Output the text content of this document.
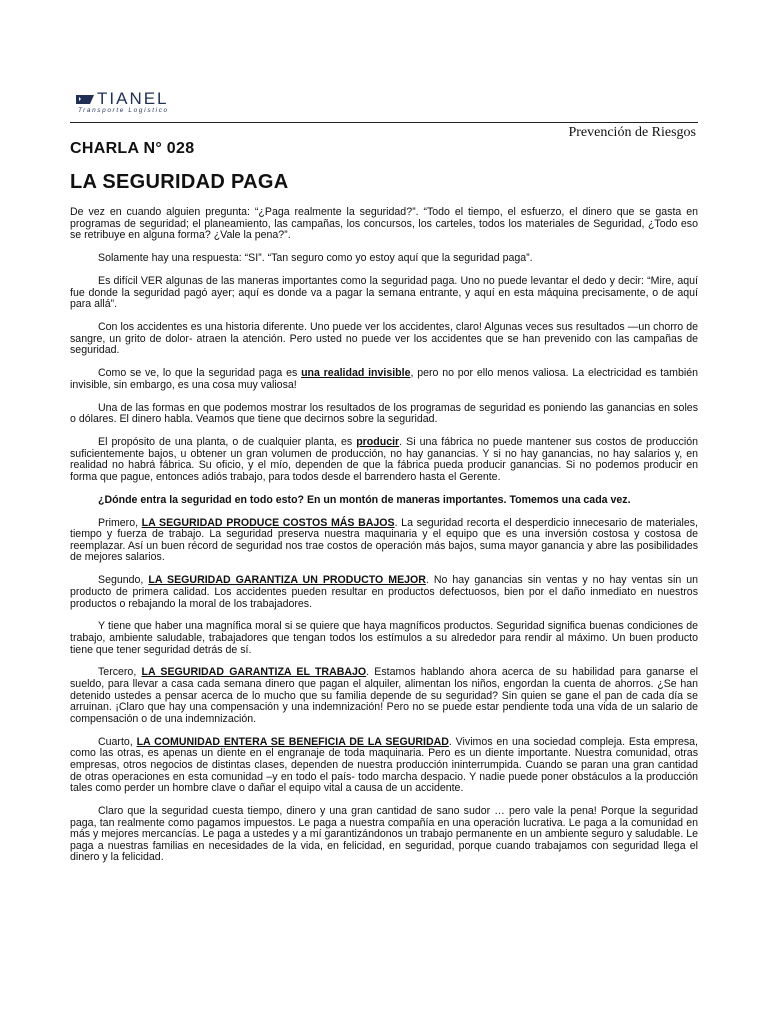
TIANEL
Transporte Logístico
Prevención de Riesgos
CHARLA N° 028
LA SEGURIDAD PAGA

De vez en cuando alguien pregunta: “¿Paga realmente la seguridad?”. “Todo el tiempo, el esfuerzo, el dinero que se gasta en programas de seguridad; el planeamiento, las campañas, los concursos, los carteles, todos los materiales de Seguridad, ¿Todo eso se retribuye en alguna forma? ¿Vale la pena?”.

Solamente hay una respuesta: “SI”. “Tan seguro como yo estoy aquí que la seguridad paga”.

Es difícil VER algunas de las maneras importantes como la seguridad paga. Uno no puede levantar el dedo y decir: “Mire, aquí fue donde la seguridad pagó ayer; aquí es donde va a pagar la semana entrante, y aquí en esta máquina precisamente, o de aquí para allá”.

Con los accidentes es una historia diferente. Uno puede ver los accidentes, claro! Algunas veces sus resultados —un chorro de sangre, un grito de dolor- atraen la atención. Pero usted no puede ver los accidentes que se han prevenido con las campañas de seguridad.

Como se ve, lo que la seguridad paga es una realidad invisible, pero no por ello menos valiosa. La electricidad es también invisible, sin embargo, es una cosa muy valiosa!

Una de las formas en que podemos mostrar los resultados de los programas de seguridad es poniendo las ganancias en soles o dólares. El dinero habla. Veamos que tiene que decirnos sobre la seguridad.

El propósito de una planta, o de cualquier planta, es producir. Si una fábrica no puede mantener sus costos de producción suficientemente bajos, u obtener un gran volumen de producción, no hay ganancias. Y si no hay ganancias, no hay salarios y, en realidad no habrá fábrica. Su oficio, y el mío, dependen de que la fábrica pueda producir ganancias. Si no podemos producir en forma que pague, entonces adiós trabajo, para todos desde el barrendero hasta el Gerente.

¿Dónde entra la seguridad en todo esto? En un montón de maneras importantes. Tomemos una cada vez.

Primero, LA SEGURIDAD PRODUCE COSTOS MÁS BAJOS. La seguridad recorta el desperdicio innecesario de materiales, tiempo y fuerza de trabajo. La seguridad preserva nuestra maquinaria y el equipo que es una inversión costosa y costosa de reemplazar. Así un buen récord de seguridad nos trae costos de operación más bajos, suma mayor ganancia y abre las posibilidades de mejores salarios.

Segundo, LA SEGURIDAD GARANTIZA UN PRODUCTO MEJOR. No hay ganancias sin ventas y no hay ventas sin un producto de primera calidad. Los accidentes pueden resultar en productos defectuosos, bien por el daño inmediato en nuestros productos o rebajando la moral de los trabajadores.

Y tiene que haber una magnífica moral si se quiere que haya magníficos productos. Seguridad significa buenas condiciones de trabajo, ambiente saludable, trabajadores que tengan todos los estímulos a su alrededor para rendir al máximo. Un buen producto tiene que tener seguridad detrás de sí.

Tercero, LA SEGURIDAD GARANTIZA EL TRABAJO. Estamos hablando ahora acerca de su habilidad para ganarse el sueldo, para llevar a casa cada semana dinero que pagan el alquiler, alimentan los niños, engordan la cuenta de ahorros. ¿Se han detenido ustedes a pensar acerca de lo mucho que su familia depende de su seguridad? Sin quien se gane el pan de cada día se arruinan. ¡Claro que hay una compensación y una indemnización! Pero no se puede estar pendiente toda una vida de un salario de compensación o de una indemnización.

Cuarto, LA COMUNIDAD ENTERA SE BENEFICIA DE LA SEGURIDAD. Vivimos en una sociedad compleja. Esta empresa, como las otras, es apenas un diente en el engranaje de toda maquinaria. Pero es un diente importante. Nuestra comunidad, otras empresas, otros negocios de distintas clases, dependen de nuestra producción ininterrumpida. Cuando se paran una gran cantidad de otras operaciones en esta comunidad –y en todo el país- todo marcha despacio. Y nadie puede poner obstáculos a la producción tales como perder un hombre clave o dañar el equipo vital a causa de un accidente.

Claro que la seguridad cuesta tiempo, dinero y una gran cantidad de sano sudor … pero vale la pena! Porque la seguridad paga, tan realmente como pagamos impuestos. Le paga a nuestra compañía en una operación lucrativa. Le paga a la comunidad en más y mejores mercancías. Le paga a ustedes y a mí garantizándonos un trabajo permanente en un ambiente seguro y saludable. Le paga a nuestras familias en necesidades de la vida, en felicidad, en seguridad, porque cuando trabajamos con seguridad llega el dinero y la felicidad.
